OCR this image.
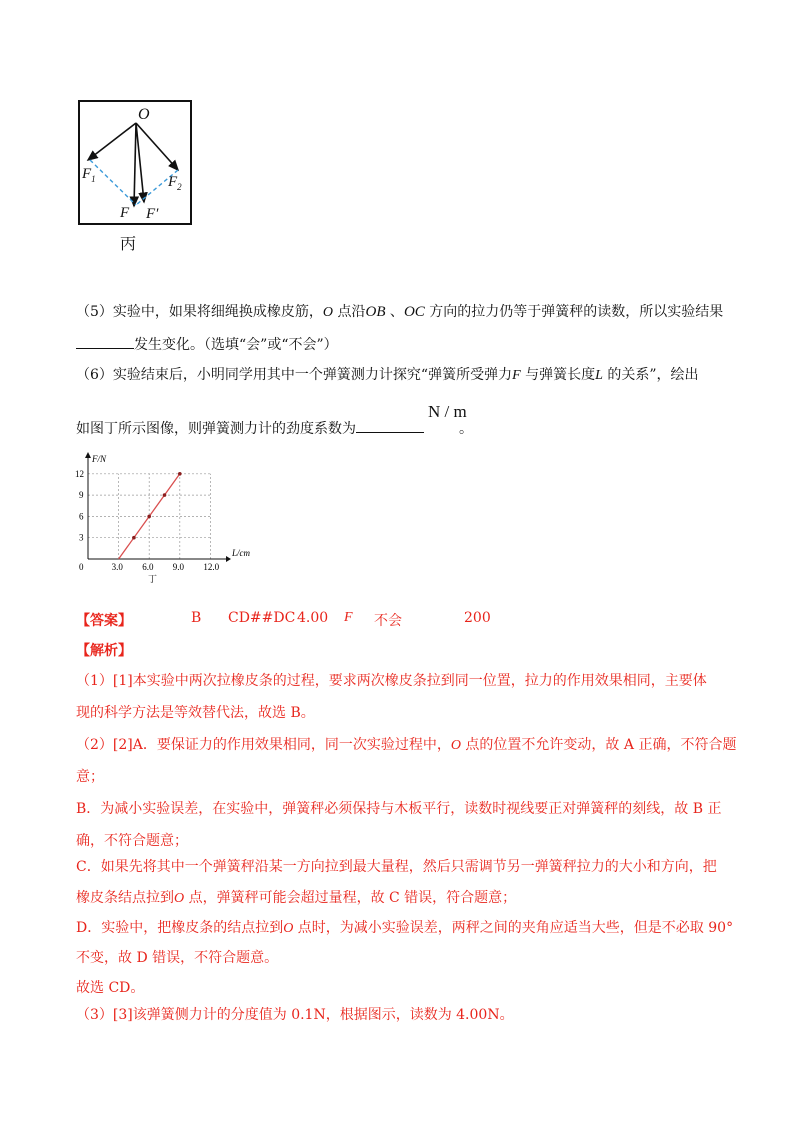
O
$F_1$	$F_2$
F F′
丙
（5）实验中，如果将细绳换成橡皮筋，O 点沿OB 、OC 方向的拉力仍等于弹簧秤的读数，所以实验结果
发生变化。（选填“会”或“不会”）
（6）实验结束后，小明同学用其中一个弹簧测力计探究“弹簧所受弹力F 与弹簧长度L 的关系”，绘出
如图丁所示图像，则弹簧测力计的劲度系数为
N / m
。
3.0 6.0 9.0 12.0
3
6
9
12
F/N
L/cm
0
丁
【答案】	B CD##DC 4.00 F 不会	200
【解析】
（1）[1]本实验中两次拉橡皮条的过程，要求两次橡皮条拉到同一位置，拉力的作用效果相同，主要体
现的科学方法是等效替代法，故选 B。
（2）[2]A．要保证力的作用效果相同，同一次实验过程中，O 点的位置不允许变动，故 A 正确，不符合题
意；
B．为减小实验误差，在实验中，弹簧秤必须保持与木板平行，读数时视线要正对弹簧秤的刻线，故 B 正
确，不符合题意；
C．如果先将其中一个弹簧秤沿某一方向拉到最大量程，然后只需调节另一弹簧秤拉力的大小和方向，把
橡皮条结点拉到O 点，弹簧秤可能会超过量程，故 C 错误，符合题意；
D．实验中，把橡皮条的结点拉到O 点时，为减小实验误差，两秤之间的夹角应适当大些，但是不必取 90°
不变，故 D 错误，不符合题意。
故选 CD。
（3）[3]该弹簧侧力计的分度值为 0.1N，根据图示，读数为 4.00N。
